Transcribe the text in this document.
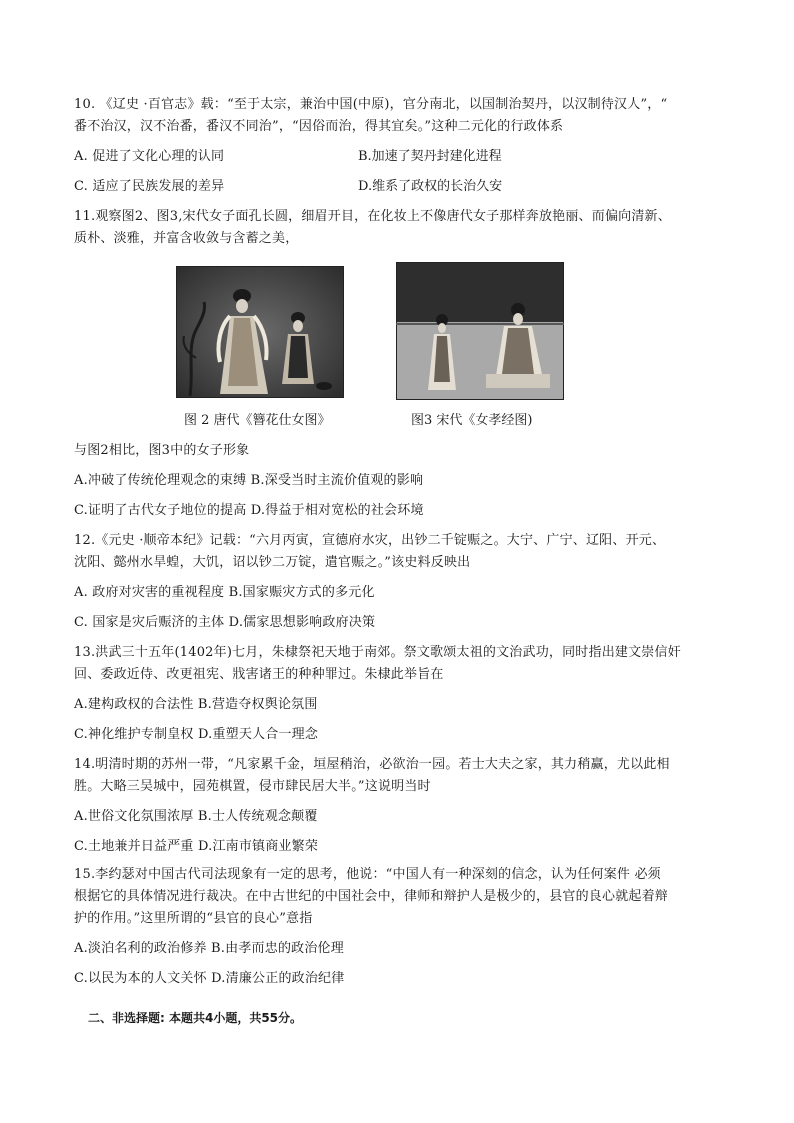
10. 《辽史 ·百官志》载：“至于太宗，兼治中国(中原)，官分南北，以国制治契丹，以汉制待汉人”，“
番不治汉，汉不治番，番汉不同治”，“因俗而治，得其宜矣。”这种二元化的行政体系
A. 促进了文化心理的认同	B.加速了契丹封建化进程
C. 适应了民族发展的差异	D.维系了政权的长治久安
11.观察图2、图3,宋代女子面孔长圆，细眉开目，在化妆上不像唐代女子那样奔放艳丽、而偏向清新、
质朴、淡雅，并富含收敛与含蓄之美，
图 2 唐代《簪花仕女图》	图3 宋代《女孝经图)
与图2相比，图3中的女子形象
A.冲破了传统伦理观念的束缚 B.深受当时主流价值观的影响
C.证明了古代女子地位的提高 D.得益于相对宽松的社会环境
12.《元史 ·顺帝本纪》记载：“六月丙寅，宣德府水灾，出钞二千锭赈之。大宁、广宁、辽阳、开元、
沈阳、懿州水旱蝗，大饥，诏以钞二万锭，遣官赈之。”该史料反映出
A. 政府对灾害的重视程度 B.国家赈灾方式的多元化
C. 国家是灾后赈济的主体 D.儒家思想影响政府决策
13.洪武三十五年(1402年)七月，朱棣祭祀天地于南郊。祭文歌颂太祖的文治武功，同时指出建文崇信奸
回、委政近侍、改更祖宪、戕害诸王的种种罪过。朱棣此举旨在
A.建构政权的合法性 B.营造夺权舆论氛围
C.神化维护专制皇权 D.重塑天人合一理念
14.明清时期的苏州一带，“凡家累千金，垣屋稍治，必欲治一园。若士大夫之家，其力稍赢，尤以此相
胜。大略三吴城中，园苑棋置，侵市肆民居大半。”这说明当时
A.世俗文化氛围浓厚 B.士人传统观念颠覆
C.土地兼并日益严重 D.江南市镇商业繁荣
15.李约瑟对中国古代司法现象有一定的思考，他说：“中国人有一种深刻的信念，认为任何案件 必须
根据它的具体情况进行裁决。在中古世纪的中国社会中，律师和辩护人是极少的，县官的良心就起着辩
护的作用。”这里所谓的“县官的良心”意指
A.淡泊名利的政治修养 B.由孝而忠的政治伦理
C.以民为本的人文关怀 D.清廉公正的政治纪律
二、非选择题: 本题共4小题，共55分。
